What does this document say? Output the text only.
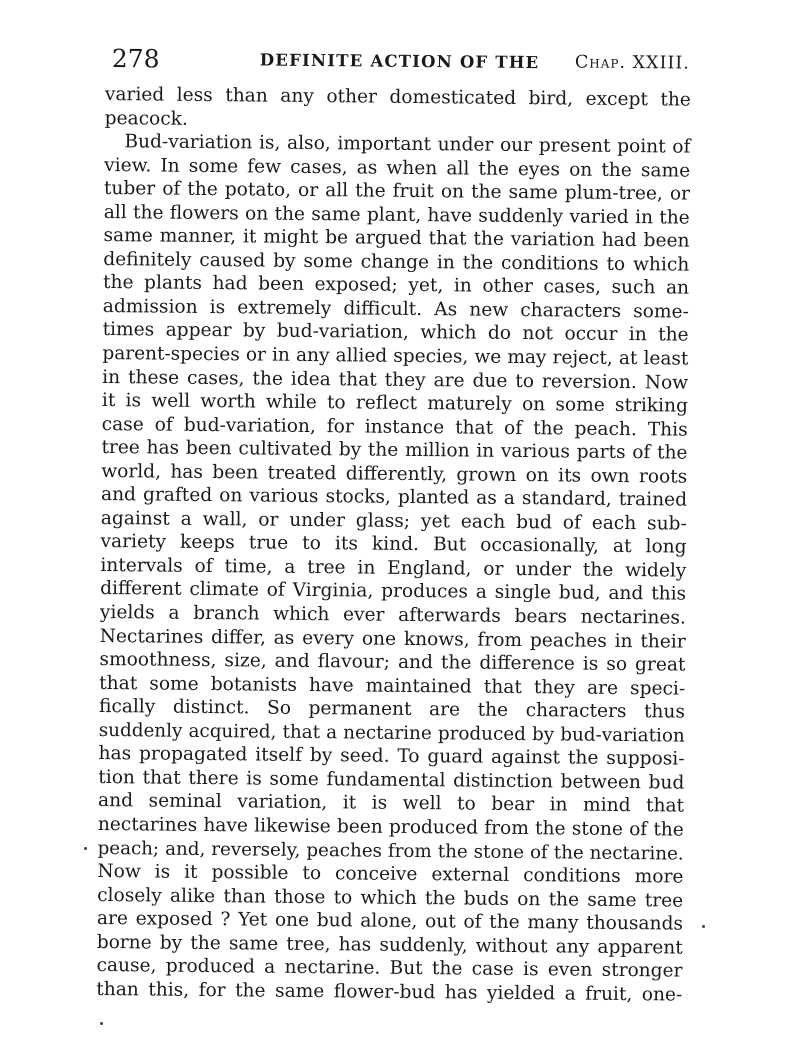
278	DEFINITE ACTION OF THE Chap. XXIII.
varied less than any other domesticated bird, except the
peacock.
Bud-variation is, also, important under our present point of
view. In some few cases, as when all the eyes on the same
tuber of the potato, or all the fruit on the same plum-tree, or
all the flowers on the same plant, have suddenly varied in the
same manner, it might be argued that the variation had been
definitely caused by some change in the conditions to which
the plants had been exposed; yet, in other cases, such an
admission is extremely difficult. As new characters some-
times appear by bud-variation, which do not occur in the
parent-species or in any allied species, we may reject, at least
in these cases, the idea that they are due to reversion. Now
it is well worth while to reflect maturely on some striking
case of bud-variation, for instance that of the peach. This
tree has been cultivated by the million in various parts of the
world, has been treated differently, grown on its own roots
and grafted on various stocks, planted as a standard, trained
against a wall, or under glass; yet each bud of each sub-
variety keeps true to its kind. But occasionally, at long
intervals of time, a tree in England, or under the widely
different climate of Virginia, produces a single bud, and this
yields a branch which ever afterwards bears nectarines.
Nectarines differ, as every one knows, from peaches in their
smoothness, size, and flavour; and the difference is so great
that some botanists have maintained that they are speci-
fically distinct. So permanent are the characters thus
suddenly acquired, that a nectarine produced by bud-variation
has propagated itself by seed. To guard against the supposi-
tion that there is some fundamental distinction between bud
and seminal variation, it is well to bear in mind that
nectarines have likewise been produced from the stone of the
peach; and, reversely, peaches from the stone of the nectarine.
Now is it possible to conceive external conditions more
closely alike than those to which the buds on the same tree
are exposed ? Yet one bud alone, out of the many thousands
borne by the same tree, has suddenly, without any apparent
cause, produced a nectarine. But the case is even stronger
than this, for the same flower-bud has yielded a fruit, one-
